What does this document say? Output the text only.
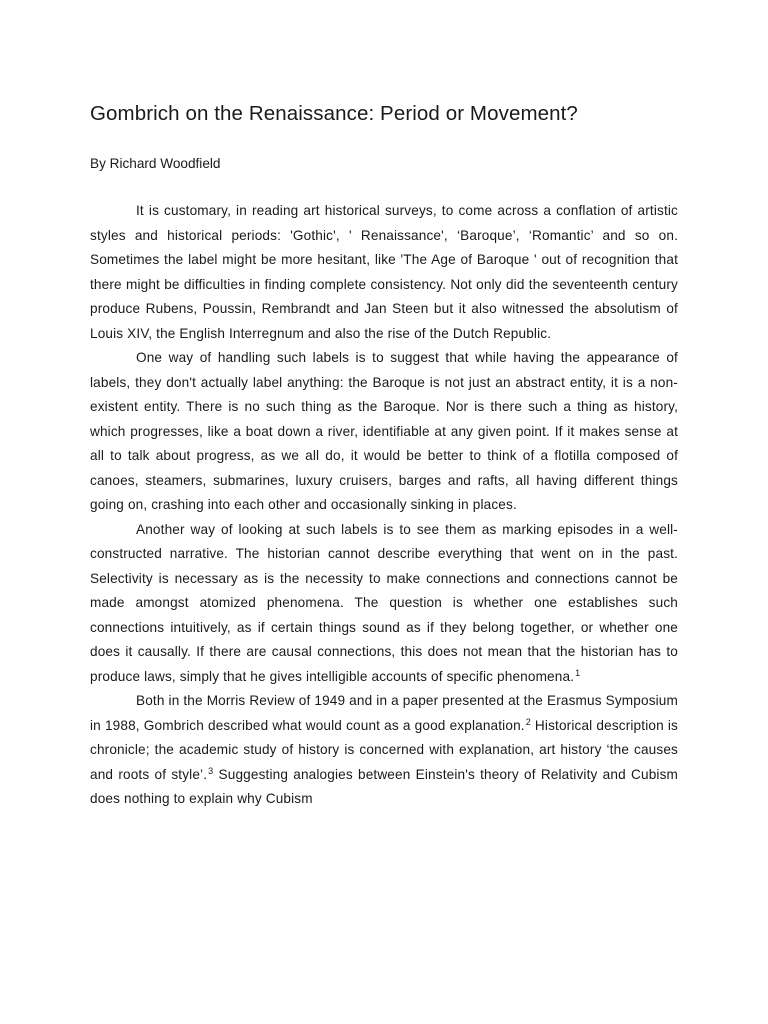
Gombrich on the Renaissance: Period or Movement?

By Richard Woodfield

It is customary, in reading art historical surveys, to come across a conflation of artistic styles and historical periods: 'Gothic', ' Renaissance', ‘Baroque’, ‘Romantic’ and so on. Sometimes the label might be more hesitant, like 'The Age of Baroque ' out of recognition that there might be difficulties in finding complete consistency. Not only did the seventeenth century produce Rubens, Poussin, Rembrandt and Jan Steen but it also witnessed the absolutism of Louis XIV, the English Interregnum and also the rise of the Dutch Republic.

One way of handling such labels is to suggest that while having the appearance of labels, they don't actually label anything: the Baroque is not just an abstract entity, it is a non-existent entity. There is no such thing as the Baroque. Nor is there such a thing as history, which progresses, like a boat down a river, identifiable at any given point. If it makes sense at all to talk about progress, as we all do, it would be better to think of a flotilla composed of canoes, steamers, submarines, luxury cruisers, barges and rafts, all having different things going on, crashing into each other and occasionally sinking in places.

Another way of looking at such labels is to see them as marking episodes in a well-constructed narrative. The historian cannot describe everything that went on in the past. Selectivity is necessary as is the necessity to make connections and connections cannot be made amongst atomized phenomena. The question is whether one establishes such connections intuitively, as if certain things sound as if they belong together, or whether one does it causally. If there are causal connections, this does not mean that the historian has to produce laws, simply that he gives intelligible accounts of specific phenomena.$^1$

Both in the Morris Review of 1949 and in a paper presented at the Erasmus Symposium in 1988, Gombrich described what would count as a good explanation.$^2$ Historical description is chronicle; the academic study of history is concerned with explanation, art history ‘the causes and roots of style’.$^3$ Suggesting analogies between Einstein's theory of Relativity and Cubism does nothing to explain why Cubism
